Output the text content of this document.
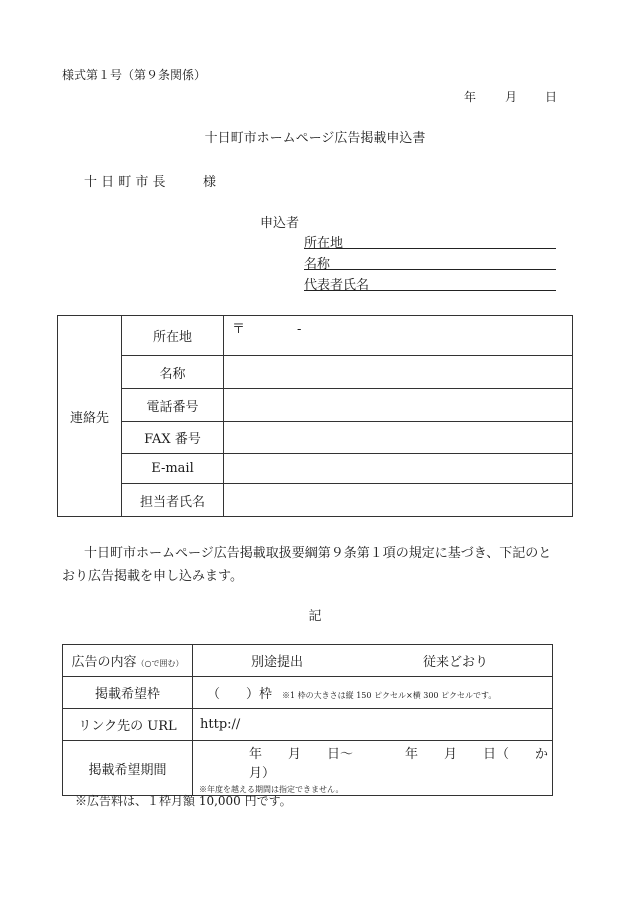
様式第１号（第９条関係）
年 月 日
十日町市ホームページ広告掲載申込書
十 日 町 市 長	様
申込者
所在地
名称
代表者氏名
連絡先	所在地	〒　　　　-
	名称	
	電話番号	
	FAX 番号	
	E-mail	
	担当者氏名	
十日町市ホームページ広告掲載取扱要綱第９条第１項の規定に基づき、下記のと
おり広告掲載を申し込みます。
記
広告の内容（○で囲む）	別途提出 従来どおり
掲載希望枠	（　　）枠 ※1 枠の大きさは縦 150 ピクセル×横 300 ピクセルです。
リンク先の URL	http://
掲載希望期間	年　　月　　日～　　　　年　　月　　日（　　か月）
※年度を越える期間は指定できません。
※広告料は、１枠月額 10,000 円です。
